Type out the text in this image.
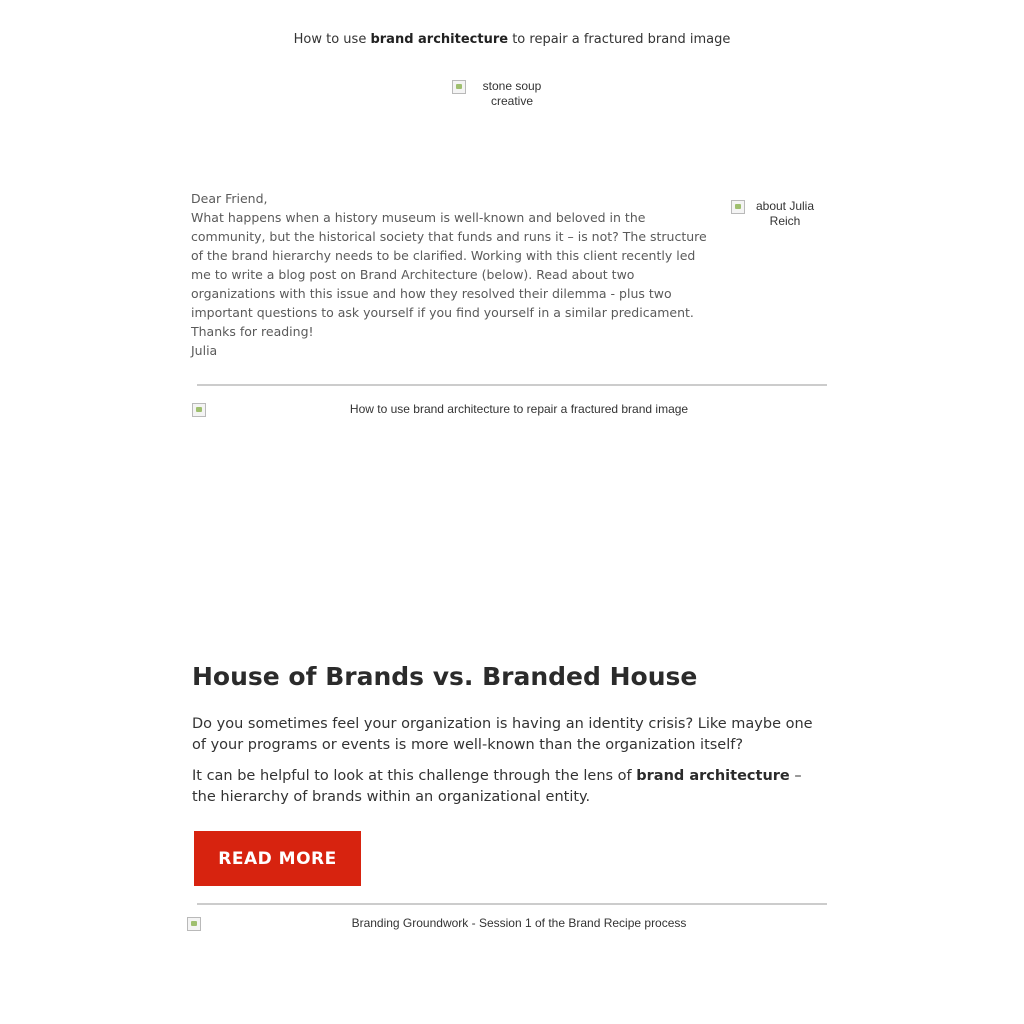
How to use brand architecture to repair a fractured brand image
stone soup creative

Dear Friend,

What happens when a history museum is well-known and beloved in the community, but the historical society that funds and runs it – is not? The structure of the brand hierarchy needs to be clarified. Working with this client recently led me to write a blog post on Brand Architecture (below). Read about two organizations with this issue and how they resolved their dilemma - plus two important questions to ask yourself if you find yourself in a similar predicament.

Thanks for reading!

Julia

about Julia Reich
How to use brand architecture to repair a fractured brand image
House of Brands vs. Branded House

Do you sometimes feel your organization is having an identity crisis? Like maybe one of your programs or events is more well-known than the organization itself?

It can be helpful to look at this challenge through the lens of brand architecture – the hierarchy of brands within an organizational entity.

READ MORE
Branding Groundwork - Session 1 of the Brand Recipe process
